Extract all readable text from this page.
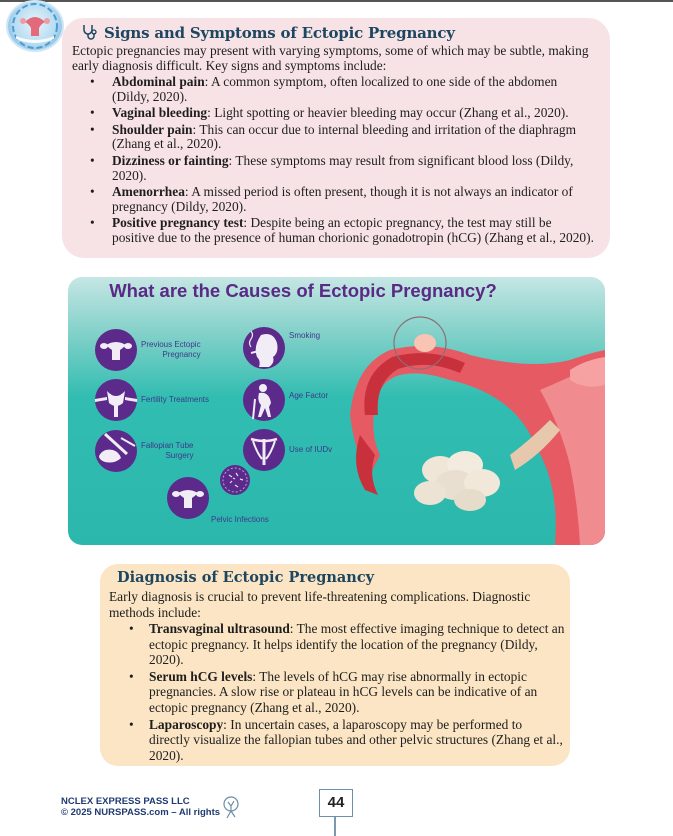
Signs and Symptoms of Ectopic Pregnancy
Ectopic pregnancies may present with varying symptoms, some of which may be subtle, making early diagnosis difficult. Key signs and symptoms include:
• Abdominal pain: A common symptom, often localized to one side of the abdomen (Dildy, 2020).
• Vaginal bleeding: Light spotting or heavier bleeding may occur (Zhang et al., 2020).
• Shoulder pain: This can occur due to internal bleeding and irritation of the diaphragm (Zhang et al., 2020).
• Dizziness or fainting: These symptoms may result from significant blood loss (Dildy, 2020).
• Amenorrhea: A missed period is often present, though it is not always an indicator of pregnancy (Dildy, 2020).
• Positive pregnancy test: Despite being an ectopic pregnancy, the test may still be positive due to the presence of human chorionic gonadotropin (hCG) (Zhang et al., 2020).
What are the Causes of Ectopic Pregnancy?
Previous Ectopic
Pregnancy
Fertility Treatments
Fallopian Tube
Surgery
Smoking
Age Factor
Use of IUDv
Pelvic Infections
Diagnosis of Ectopic Pregnancy
Early diagnosis is crucial to prevent life-threatening complications. Diagnostic methods include:
• Transvaginal ultrasound: The most effective imaging technique to detect an ectopic pregnancy. It helps identify the location of the pregnancy (Dildy, 2020).
• Serum hCG levels: The levels of hCG may rise abnormally in ectopic pregnancies. A slow rise or plateau in hCG levels can be indicative of an ectopic pregnancy (Zhang et al., 2020).
• Laparoscopy: In uncertain cases, a laparoscopy may be performed to directly visualize the fallopian tubes and other pelvic structures (Zhang et al., 2020).
NCLEX EXPRESS PASS LLC
© 2025 NURSPASS.com – All rights
44
